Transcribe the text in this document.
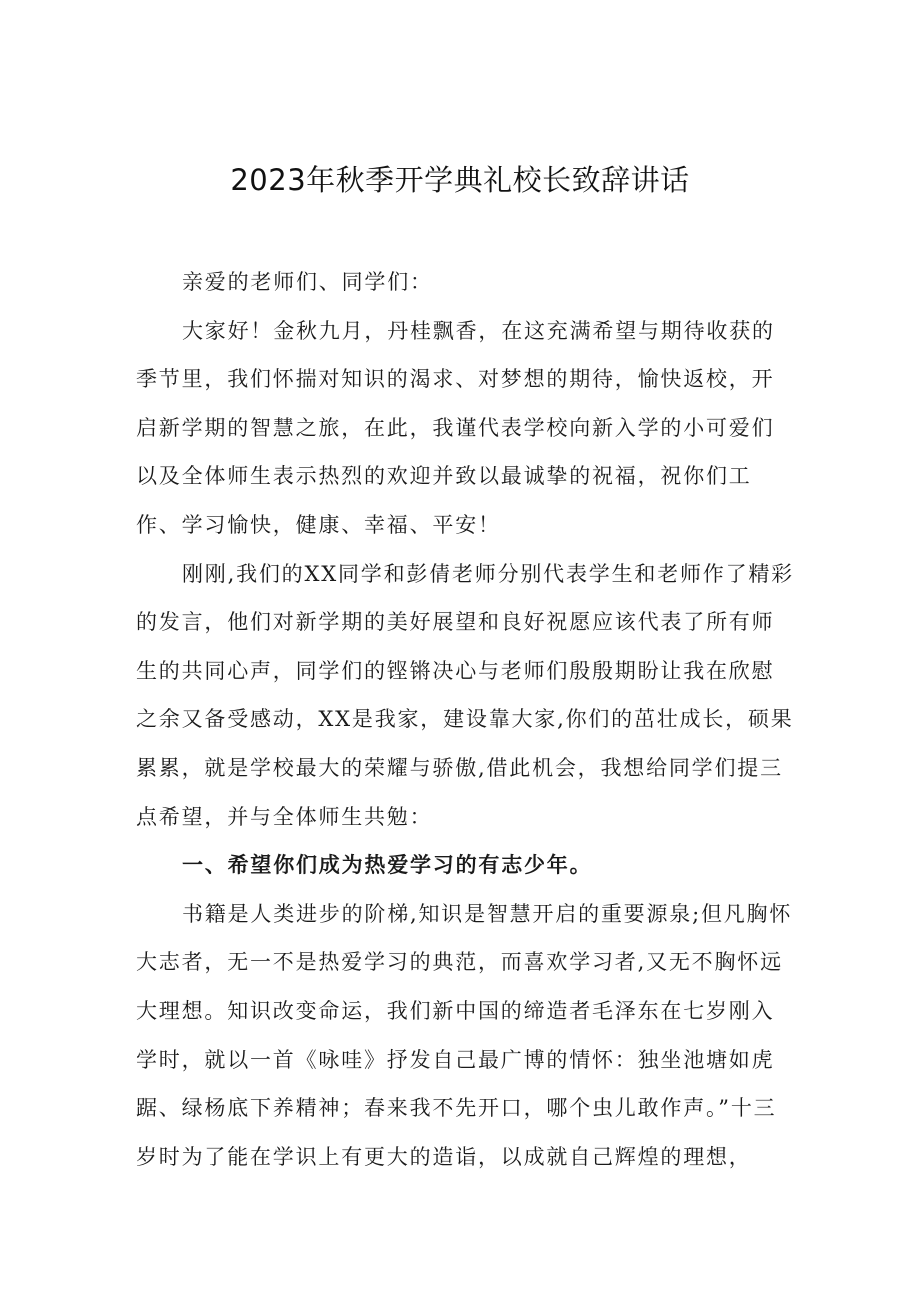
2023年秋季开学典礼校长致辞讲话

亲爱的老师们、同学们：

大家好！金秋九月，丹桂飘香，在这充满希望与期待收获的季节里，我们怀揣对知识的渴求、对梦想的期待，愉快返校，开启新学期的智慧之旅，在此，我谨代表学校向新入学的小可爱们以及全体师生表示热烈的欢迎并致以最诚挚的祝福，祝你们工作、学习愉快，健康、幸福、平安！

刚刚,我们的XX同学和彭倩老师分别代表学生和老师作了精彩的发言，他们对新学期的美好展望和良好祝愿应该代表了所有师生的共同心声，同学们的铿锵决心与老师们殷殷期盼让我在欣慰之余又备受感动，XX是我家，建设靠大家,你们的茁壮成长，硕果累累，就是学校最大的荣耀与骄傲,借此机会，我想给同学们提三点希望，并与全体师生共勉：

一、希望你们成为热爱学习的有志少年。

书籍是人类进步的阶梯,知识是智慧开启的重要源泉;但凡胸怀大志者，无一不是热爱学习的典范，而喜欢学习者,又无不胸怀远大理想。知识改变命运，我们新中国的缔造者毛泽东在七岁刚入学时，就以一首《咏哇》抒发自己最广博的情怀：独坐池塘如虎踞、绿杨底下养精神；春来我不先开口，哪个虫儿敢作声。”十三岁时为了能在学识上有更大的造诣，以成就自己辉煌的理想，
